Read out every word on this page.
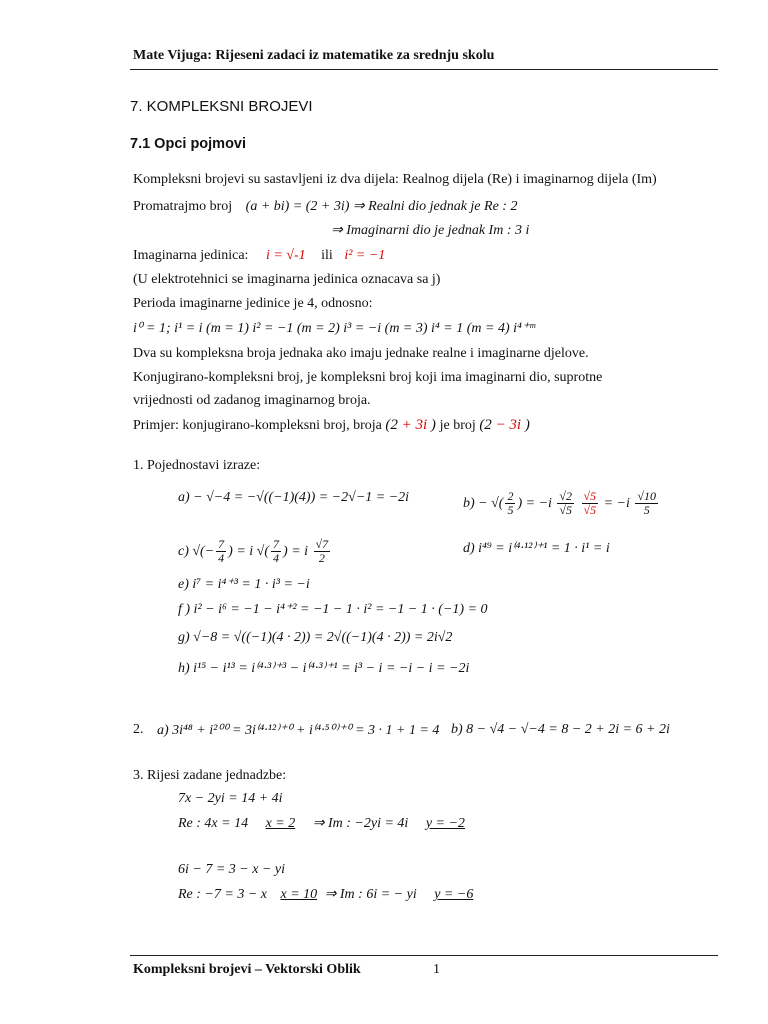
Mate Vijuga: Rijeseni zadaci iz matematike za srednju skolu
7. KOMPLEKSNI BROJEVI
7.1 Opci pojmovi
Kompleksni brojevi su sastavljeni iz dva dijela: Realnog dijela (Re) i imaginarnog dijela (Im)
Promatrajmo broj (a + bi) = (2 + 3i) ⇒ Realni dio jednak je Re : 2
⇒ Imaginarni dio je jednak Im : 3 i
Imaginarna jedinica: i = √-1 ili i² = −1
(U elektrotehnici se imaginarna jedinica oznacava sa j)
Perioda imaginarne jedinice je 4, odnosno:
i⁰ = 1; i¹ = i (m = 1) i² = −1 (m = 2) i³ = −i (m = 3) i⁴ = 1 (m = 4) i⁴⁺ᵐ
Dva su kompleksna broja jednaka ako imaju jednake realne i imaginarne djelove.
Konjugirano-kompleksni broj, je kompleksni broj koji ima imaginarni dio, suprotne
vrijednosti od zadanog imaginarnog broja.
Primjer: konjugirano-kompleksni broj, broja (2 + 3i ) je broj (2 − 3i )
1. Pojednostavi izraze:
a) − √−4 = −√((−1)(4)) = −2√−1 = −2i	b) − √( $\frac{2}{5}$ ) = $-i \frac{√2}{√5}$
$\frac{√5}{√5} = -i \frac{√10}{5}$
c) √(− $\frac{7}{4}$ ) = i √( $\frac{7}{4}$ ) = i $\frac{√7}{2}$	d) i⁴⁹ = i⁽⁴·¹²⁾⁺¹ = 1 · i¹ = i
e) i⁷ = i⁴⁺³ = 1 · i³ = −i
f ) i² − i⁶ = −1 − i⁴⁺² = −1 − 1 · i² = −1 − 1 · (−1) = 0
g) √−8 = √((−1)(4 · 2)) = 2√((−1)(4 · 2)) = 2i√2
h) i¹⁵ − i¹³ = i⁽⁴·³⁾⁺³ − i⁽⁴·³⁾⁺¹ = i³ − i = −i − i = −2i
2. a) 3i⁴⁸ + i²⁰⁰ = 3i⁽⁴·¹²⁾⁺⁰ + i⁽⁴·⁵⁰⁾⁺⁰ = 3 · 1 + 1 = 4 b) 8 − √4 − √−4 = 8 − 2 + 2i = 6 + 2i
3. Rijesi zadane jednadzbe:
7x − 2yi = 14 + 4i
Re : 4x = 14 x = 2 ⇒ Im : −2yi = 4i y = −2
6i − 7 = 3 − x − yi
Re : −7 = 3 − x x = 10 ⇒ Im : 6i = − yi y = −6
Kompleksni brojevi – Vektorski Oblik	1
